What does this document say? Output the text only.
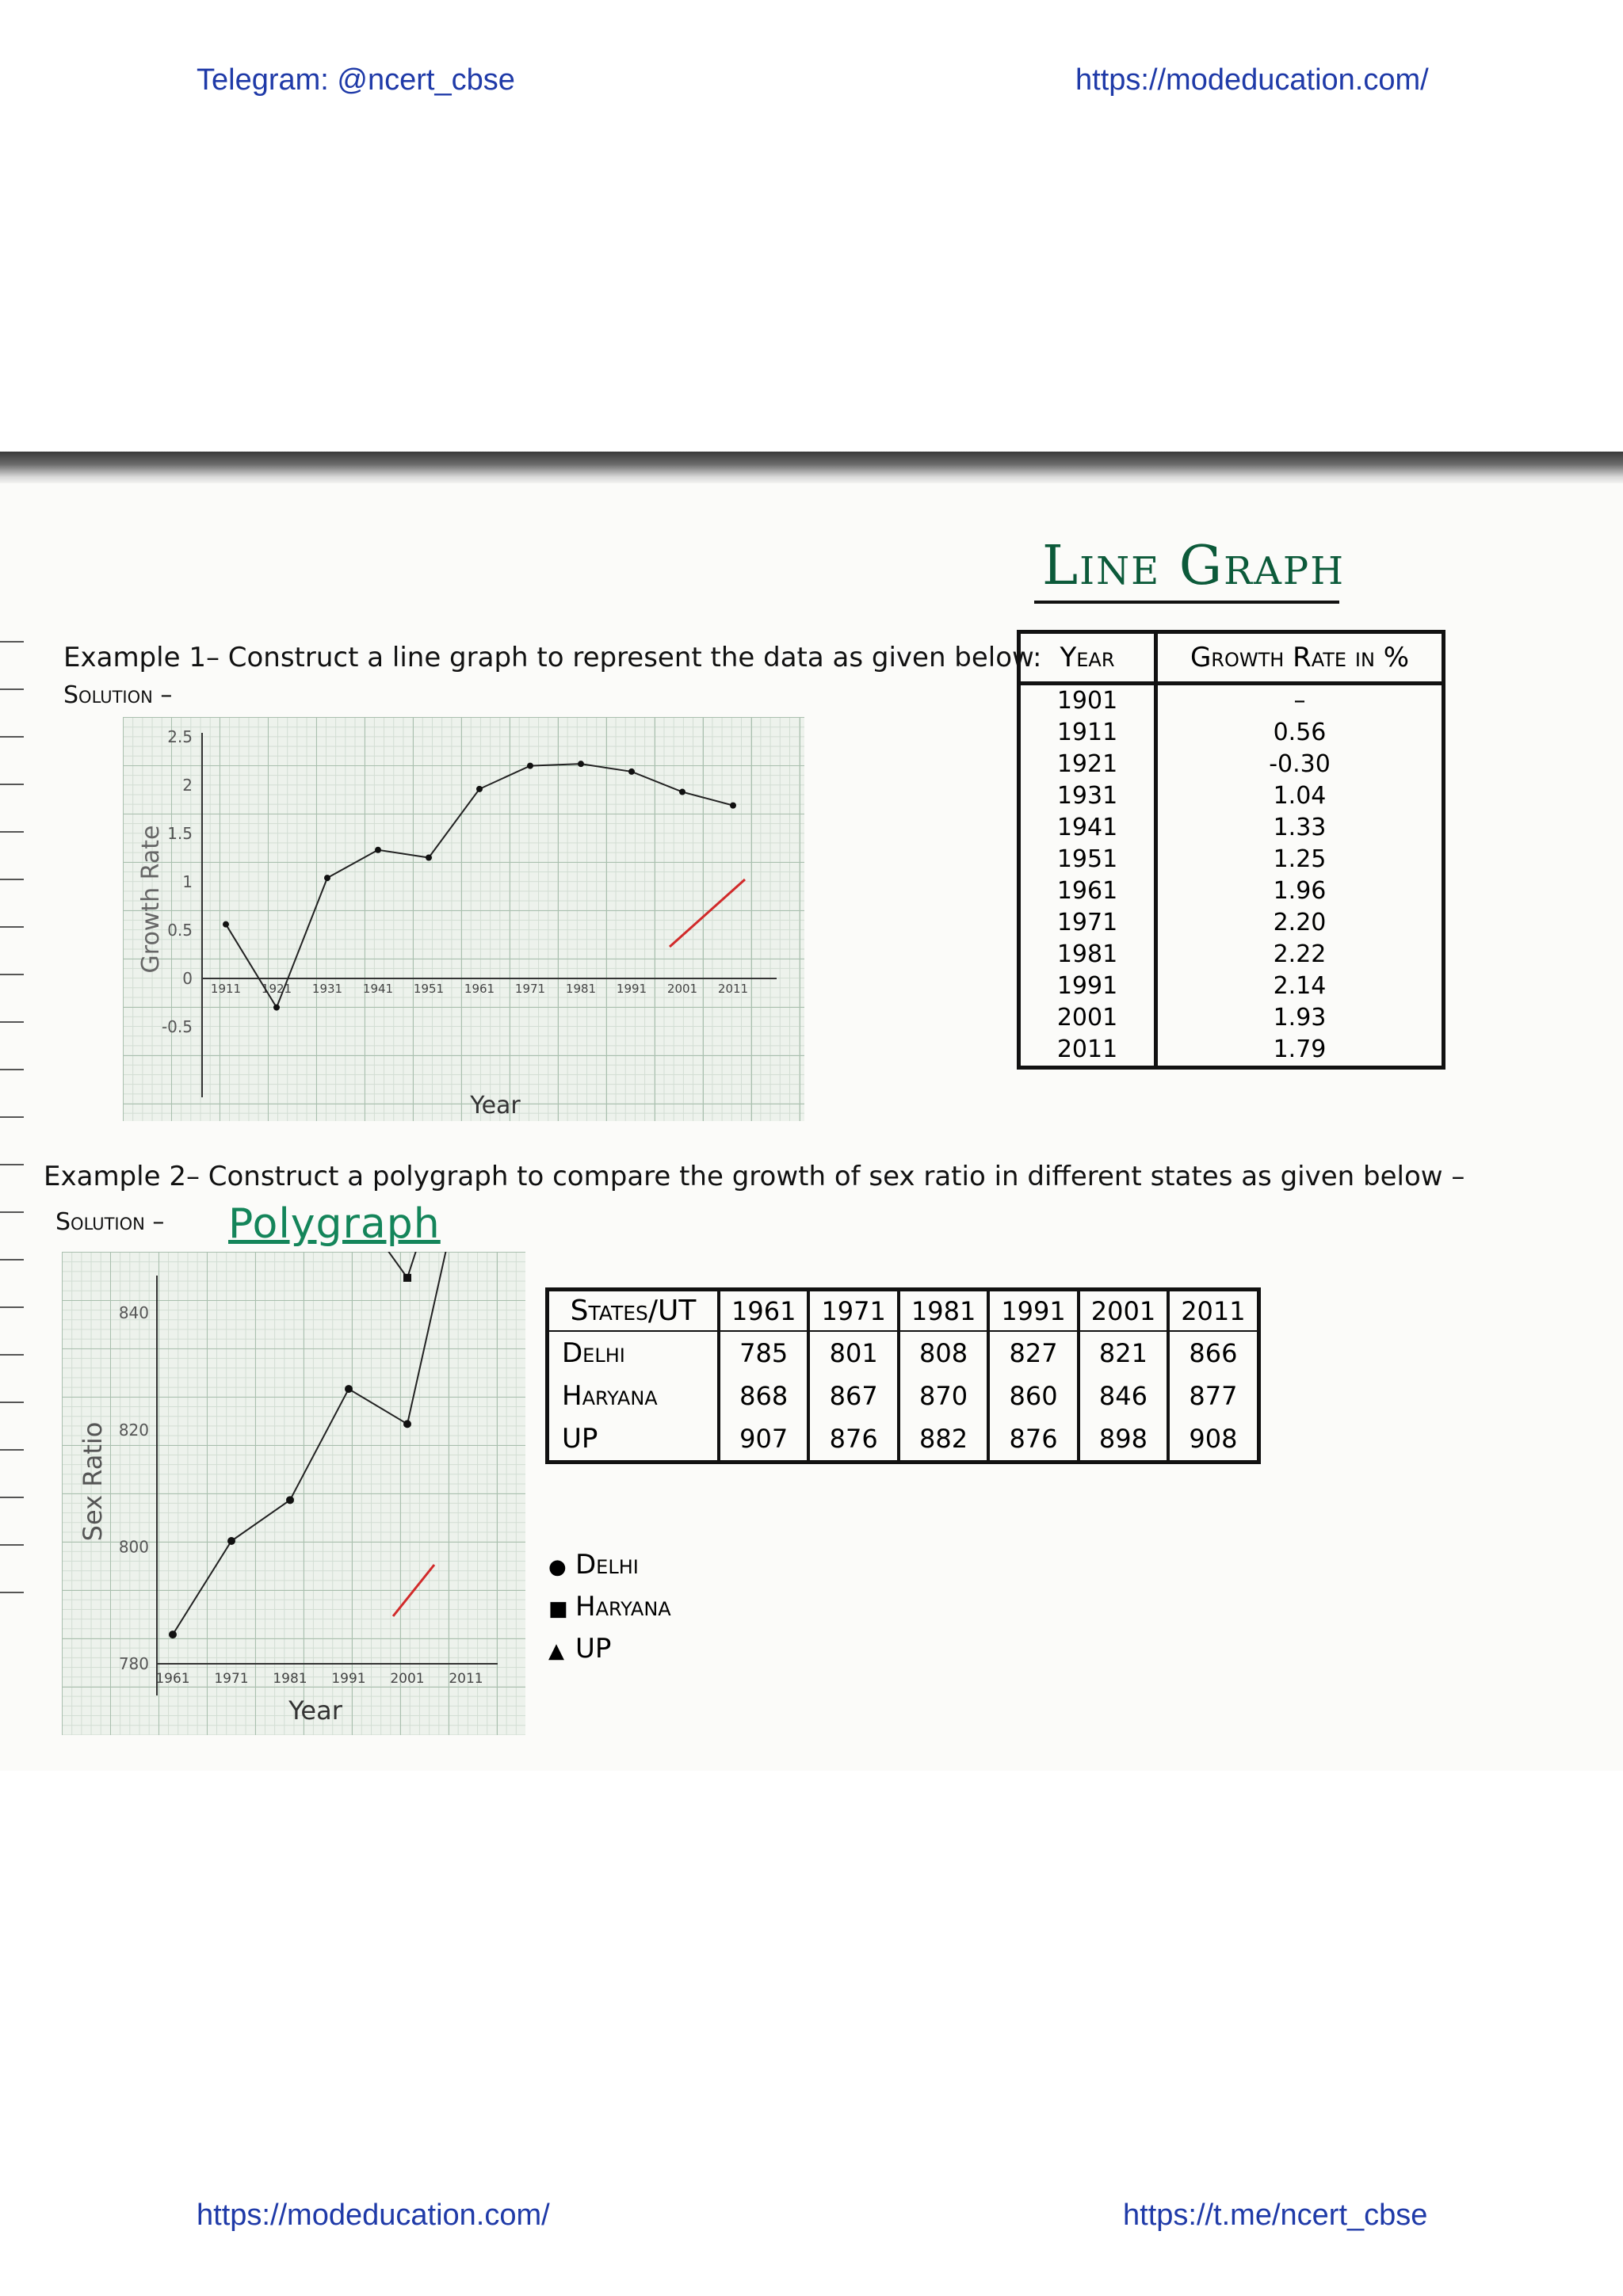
Telegram: @ncert_cbse	https://modeducation.com/
Example 1– Construct a line graph to represent the data as given below:
Solution –
Line Graph
Year	Growth Rate in %
1901	–
1911	0.56
1921	-0.30
1931	1.04
1941	1.33
1951	1.25
1961	1.96
1971	2.20
1981	2.22
1991	2.14
2001	1.93
2011	1.79
-0.5
0
0.5
1
1.5
2
2.5
1911 1921 1931 1941 1951 1961 1971 1981 1991 2001 2011
Year
Growth Rate
Example 2– Construct a polygraph to compare the growth of sex ratio in different states as given below –
Solution – Polygraph
780
800
820
840
1961 1971 1981 1991 2001 2011
Year
Sex Ratio
States/UT	1961	1971	1981	1991	2001	2011
Delhi	785	801	808	827	821	866
Haryana	868	867	870	860	846	877
UP	907	876	882	876	898	908
● Delhi
■ Haryana
▲ UP
https://modeducation.com/	https://t.me/ncert_cbse
